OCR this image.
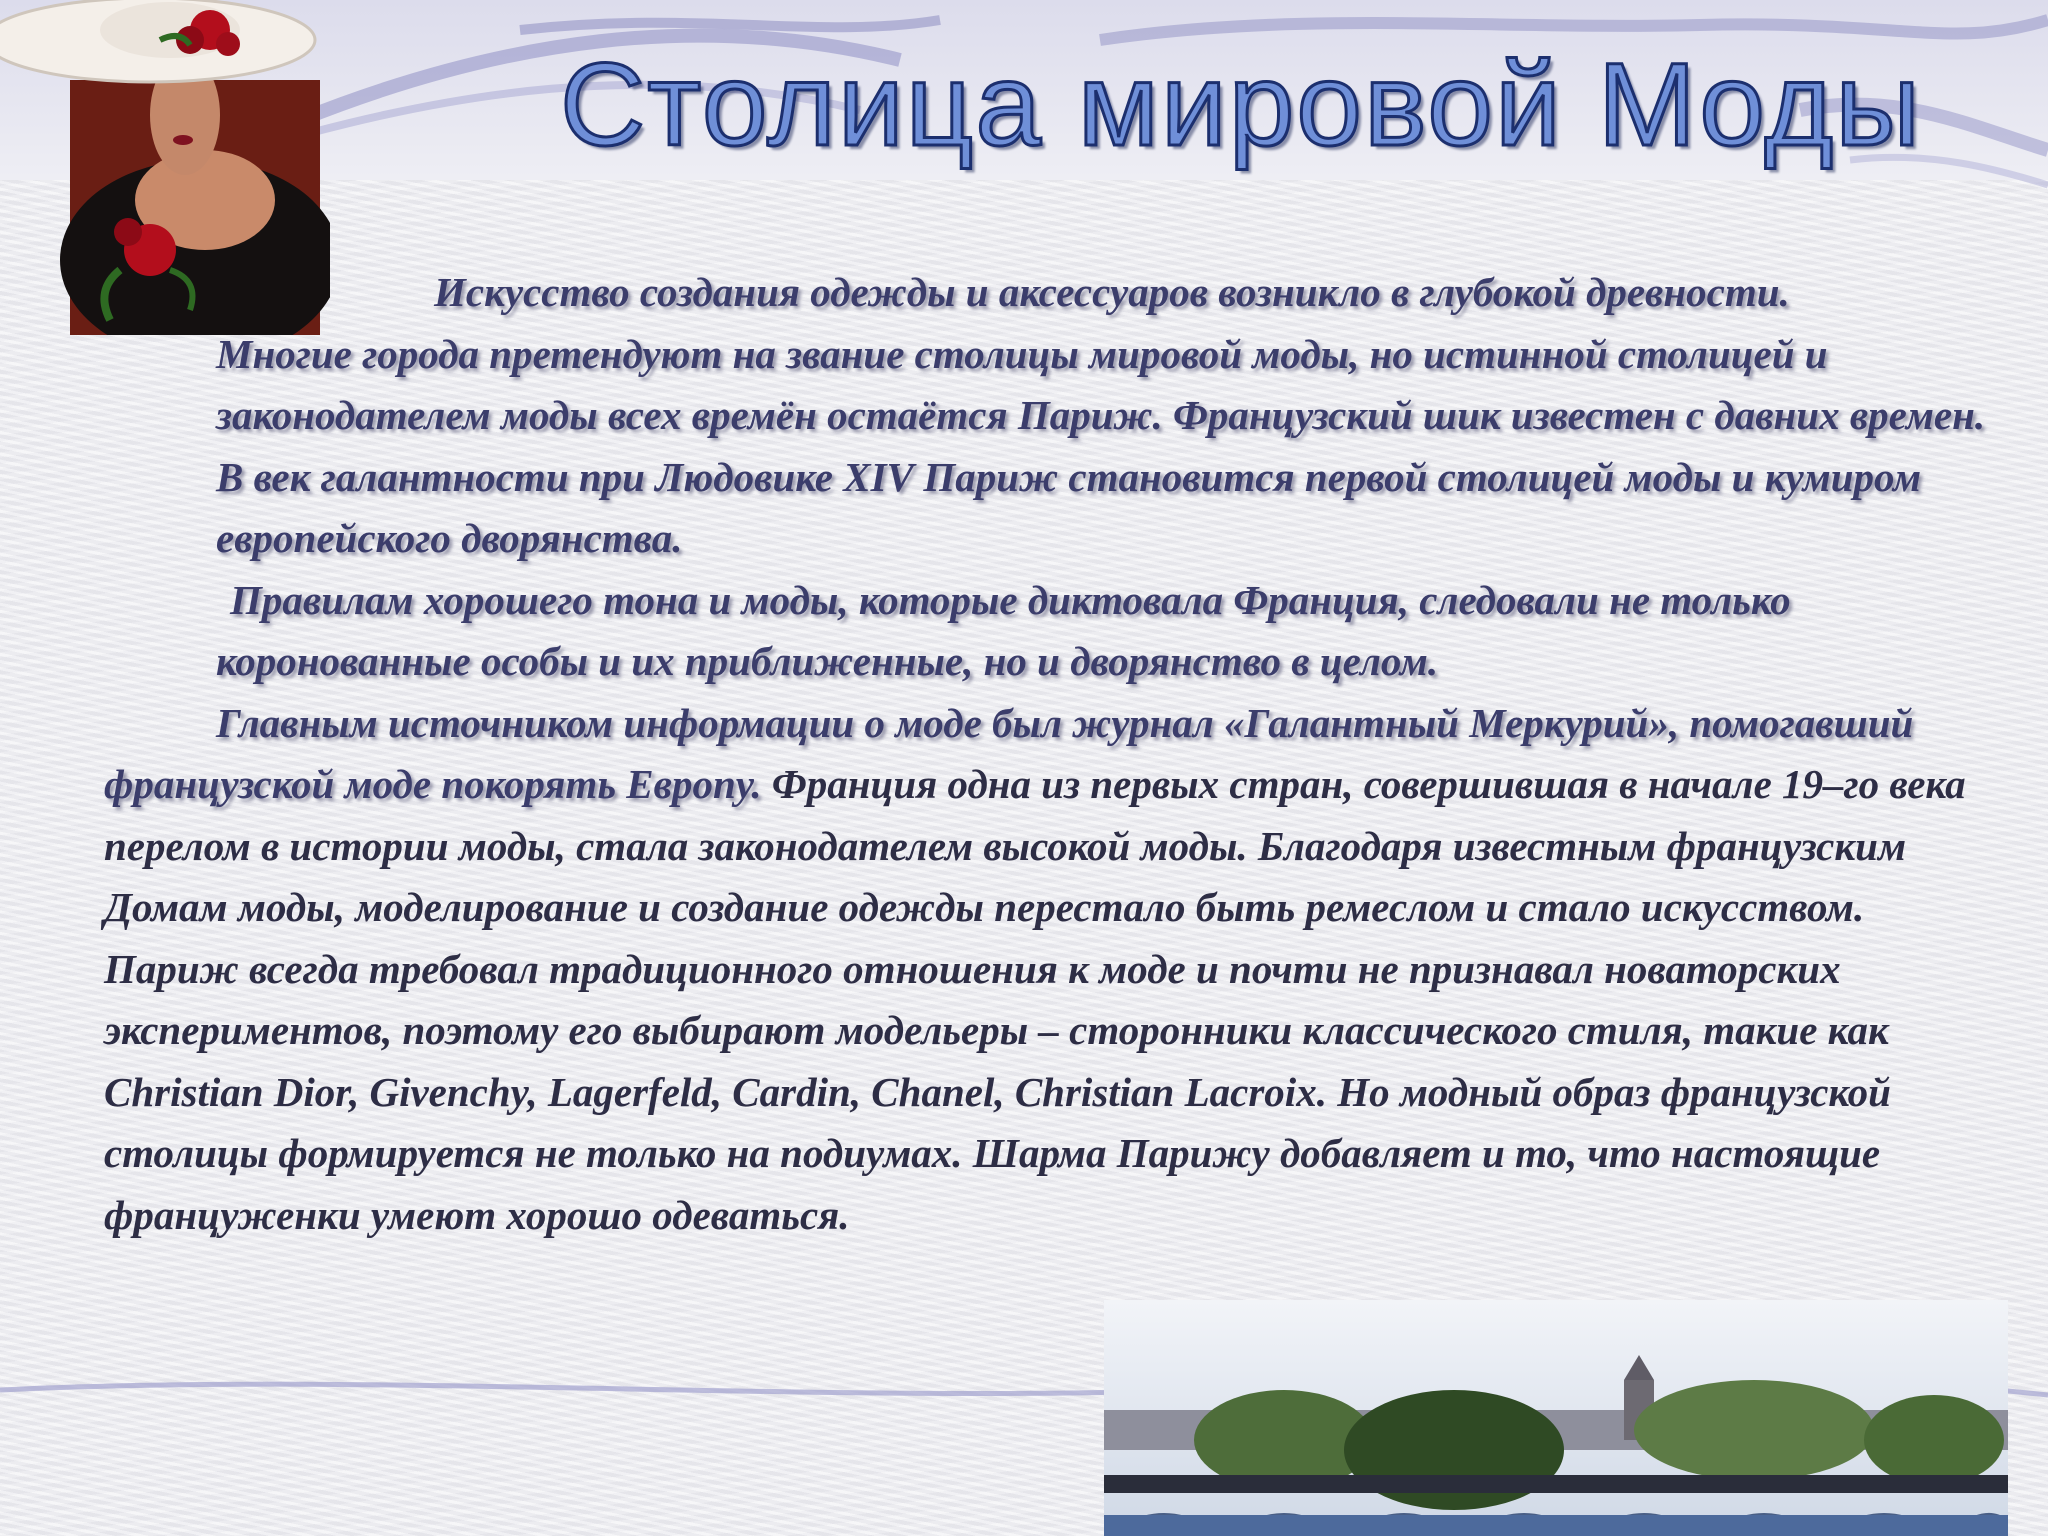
Столица мировой Моды

Искусство создания одежды и аксессуаров возникло в глубокой древности.

Многие города претендуют на звание столицы мировой моды, но истинной столицей и законодателем моды всех времён остаётся Париж. Французский шик известен с давних времен. В век галантности при Людовике XIV Париж становится первой столицей моды и кумиром европейского дворянства.

Правилам хорошего тона и моды, которые диктовала Франция, следовали не только коронованные особы и их приближенные, но и дворянство в целом.

Главным источником информации о моде был журнал «Галантный Меркурий», помогавший французской моде покорять Европу. Франция одна из первых стран, совершившая в начале 19–го века перелом в истории моды, стала законодателем высокой моды. Благодаря известным французским Домам моды, моделирование и создание одежды перестало быть ремеслом и стало искусством. Париж всегда требовал традиционного отношения к моде и почти не признавал новаторских экспериментов, поэтому его выбирают модельеры – сторонники классического стиля, такие как Christian Dior, Givenchy, Lagerfeld, Cardin, Chanel, Christian Lacroix. Но модный образ французской столицы формируется не только на подиумах. Шарма Парижу добавляет и то, что настоящие француженки умеют хорошо одеваться.
